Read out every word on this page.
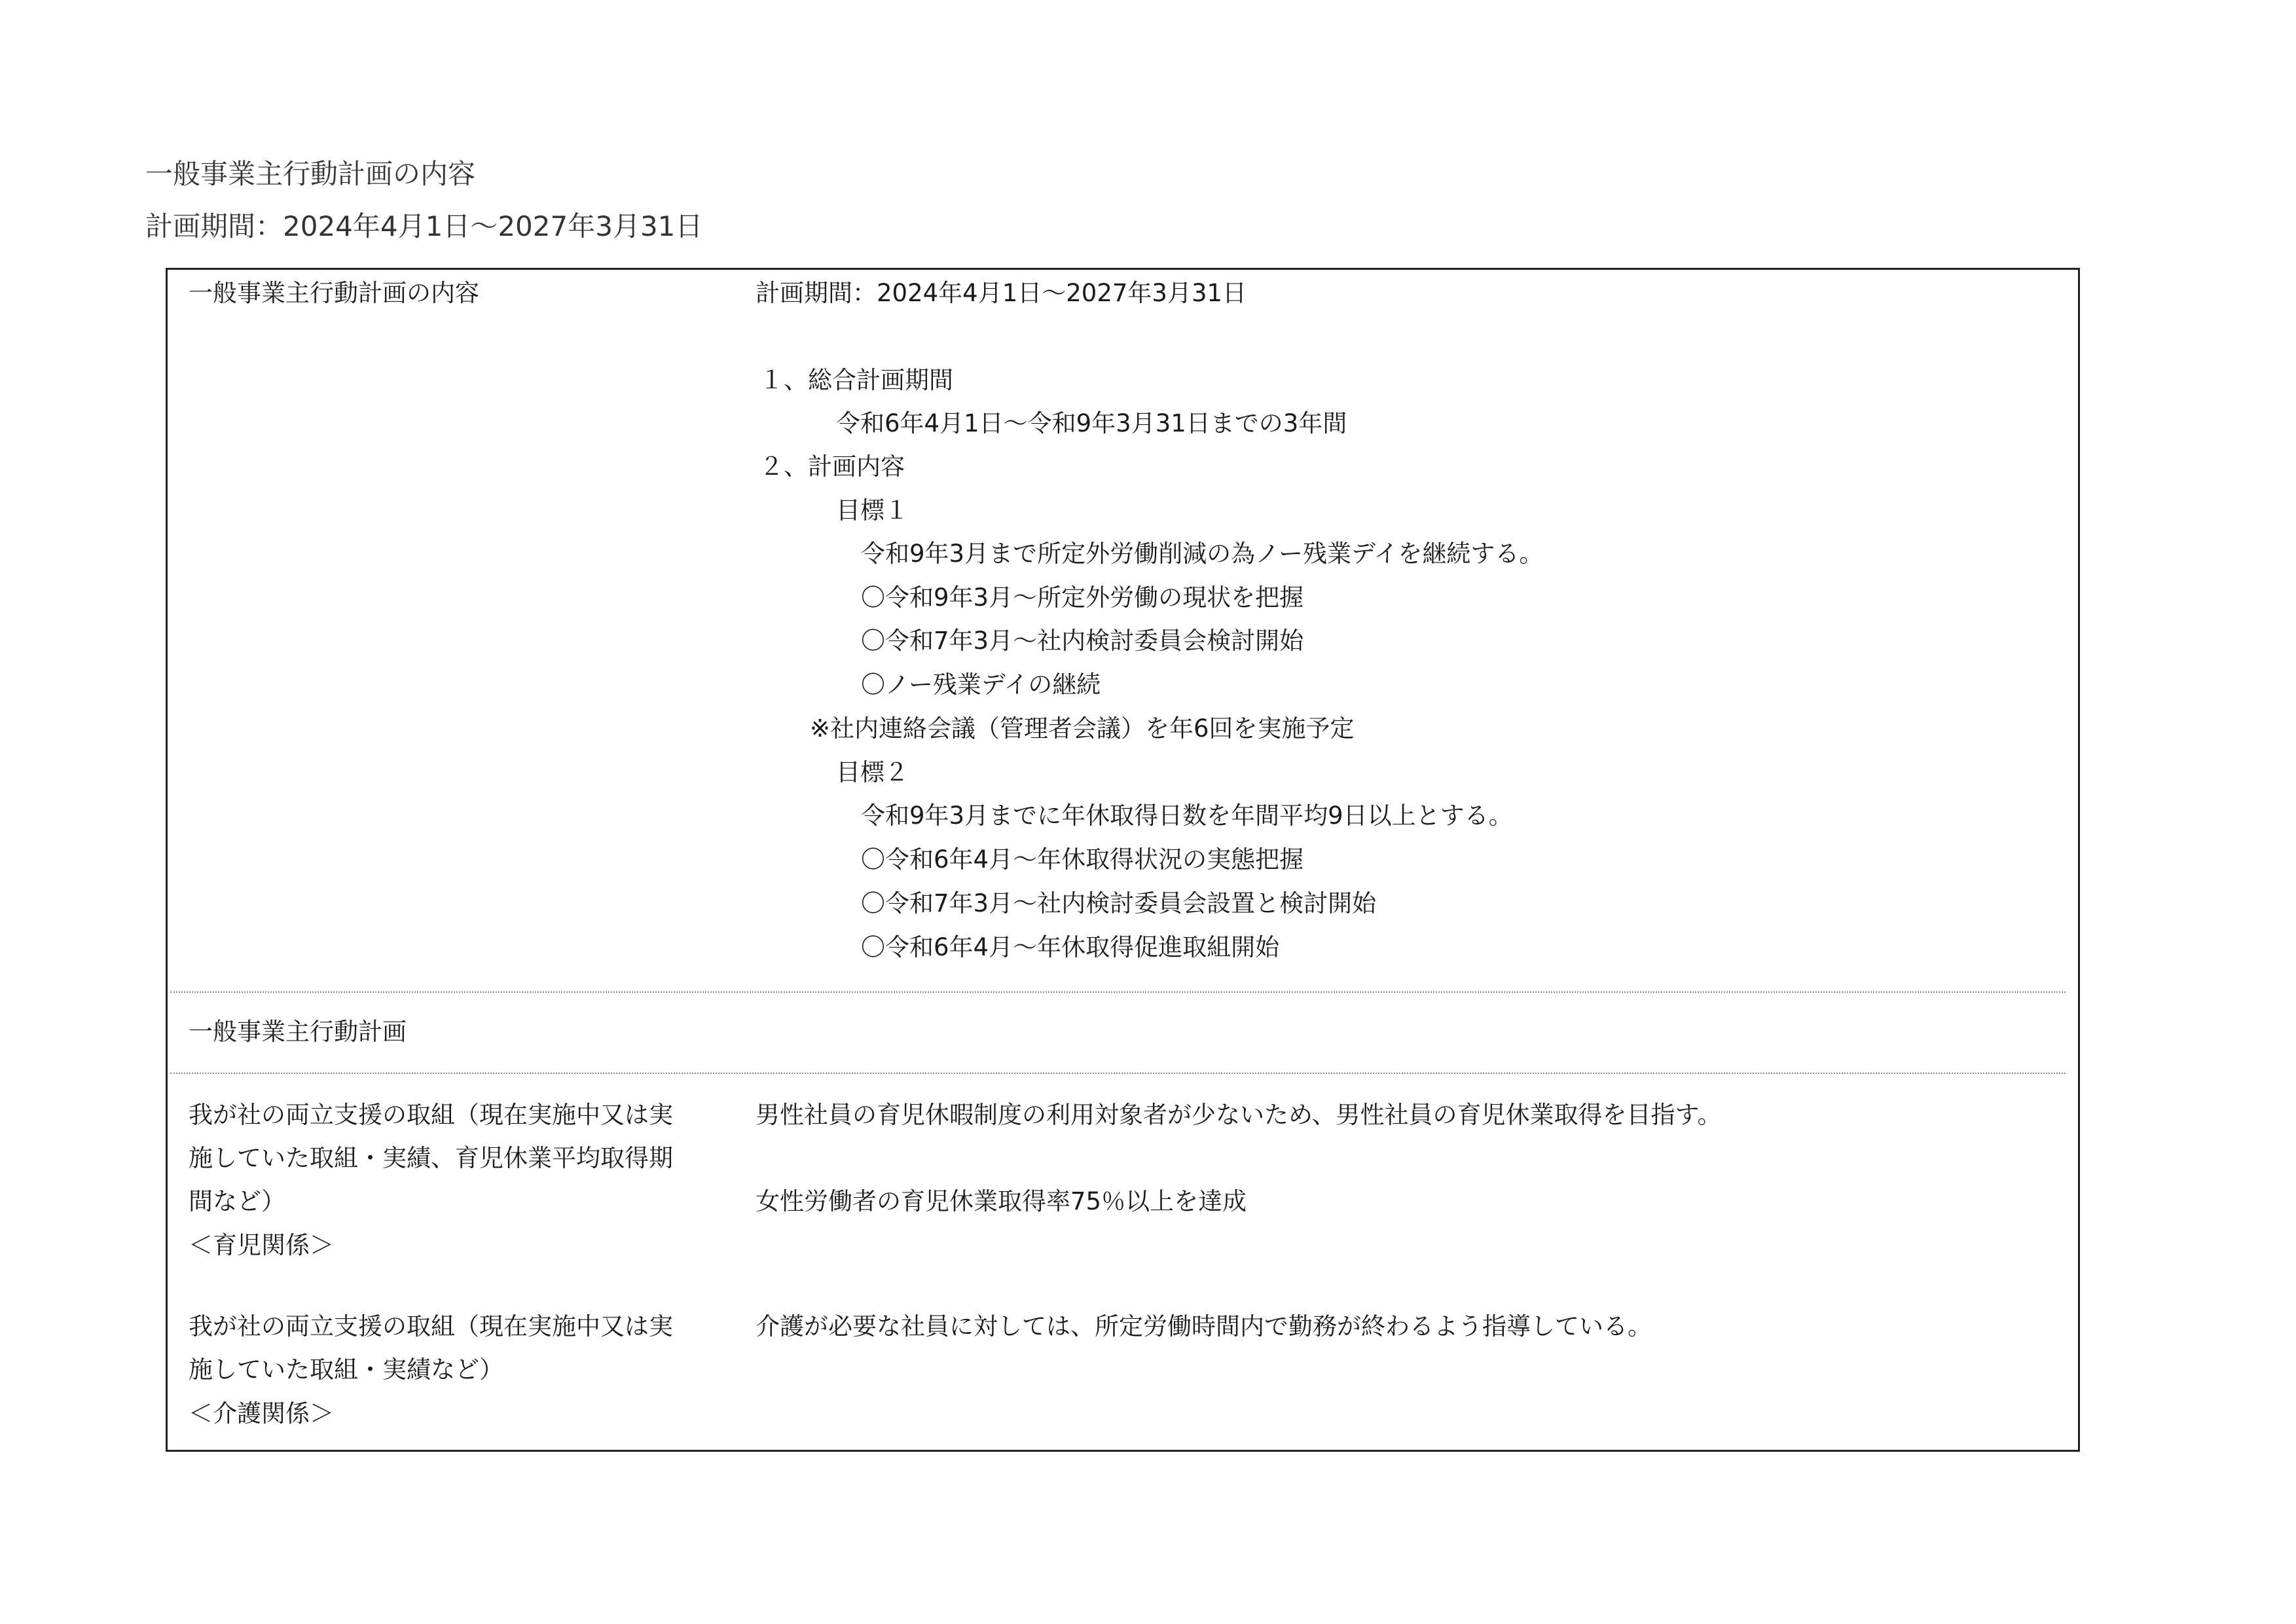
一般事業主行動計画の内容
計画期間：2024年4月1日～2027年3月31日
一般事業主行動計画の内容	計画期間：2024年4月1日～2027年3月31日
１、総合計画期間
令和6年4月1日～令和9年3月31日までの3年間
２、計画内容
目標１
令和9年3月まで所定外労働削減の為ノー残業デイを継続する。
〇令和9年3月～所定外労働の現状を把握
〇令和7年3月～社内検討委員会検討開始
〇ノー残業デイの継続
※社内連絡会議（管理者会議）を年6回を実施予定
目標２
令和9年3月までに年休取得日数を年間平均9日以上とする。
〇令和6年4月～年休取得状況の実態把握
〇令和7年3月～社内検討委員会設置と検討開始
〇令和6年4月～年休取得促進取組開始
一般事業主行動計画
我が社の両立支援の取組（現在実施中又は実
施していた取組・実績、育児休業平均取得期
間など）
＜育児関係＞
男性社員の育児休暇制度の利用対象者が少ないため、男性社員の育児休業取得を目指す。
女性労働者の育児休業取得率75％以上を達成
我が社の両立支援の取組（現在実施中又は実
施していた取組・実績など）
＜介護関係＞
介護が必要な社員に対しては、所定労働時間内で勤務が終わるよう指導している。
